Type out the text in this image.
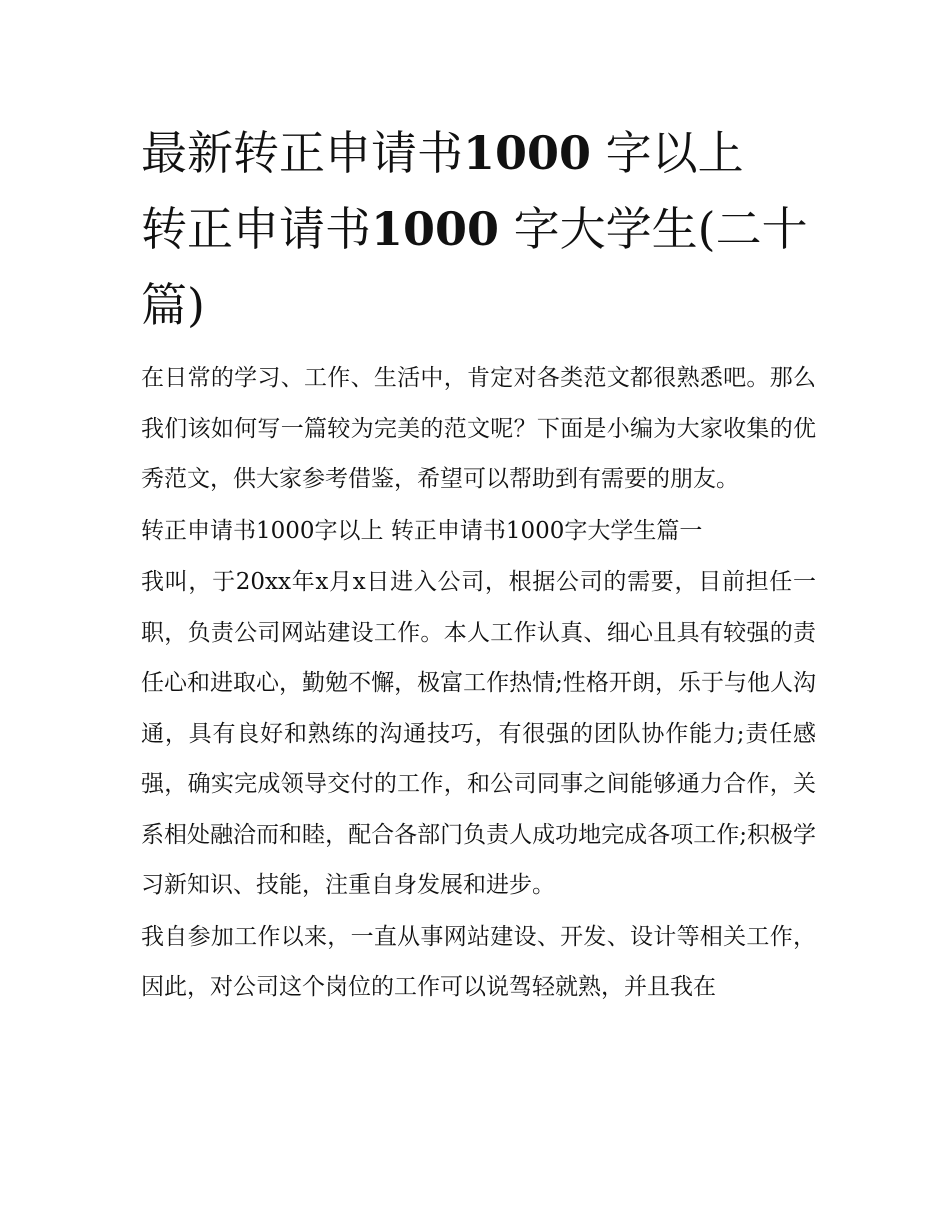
最新转正申请书1000 字以上
转正申请书1000 字大学生(二十篇)

在日常的学习、工作、生活中，肯定对各类范文都很熟悉吧。那么我们该如何写一篇较为完美的范文呢？下面是小编为大家收集的优秀范文，供大家参考借鉴，希望可以帮助到有需要的朋友。

转正申请书1000字以上 转正申请书1000字大学生篇一

我叫，于20xx年x月x日进入公司，根据公司的需要，目前担任一职，负责公司网站建设工作。本人工作认真、细心且具有较强的责任心和进取心，勤勉不懈，极富工作热情;性格开朗，乐于与他人沟通，具有良好和熟练的沟通技巧，有很强的团队协作能力;责任感强，确实完成领导交付的工作，和公司同事之间能够通力合作，关系相处融洽而和睦，配合各部门负责人成功地完成各项工作;积极学习新知识、技能，注重自身发展和进步。

我自参加工作以来，一直从事网站建设、开发、设计等相关工作，因此，对公司这个岗位的工作可以说驾轻就熟，并且我在
